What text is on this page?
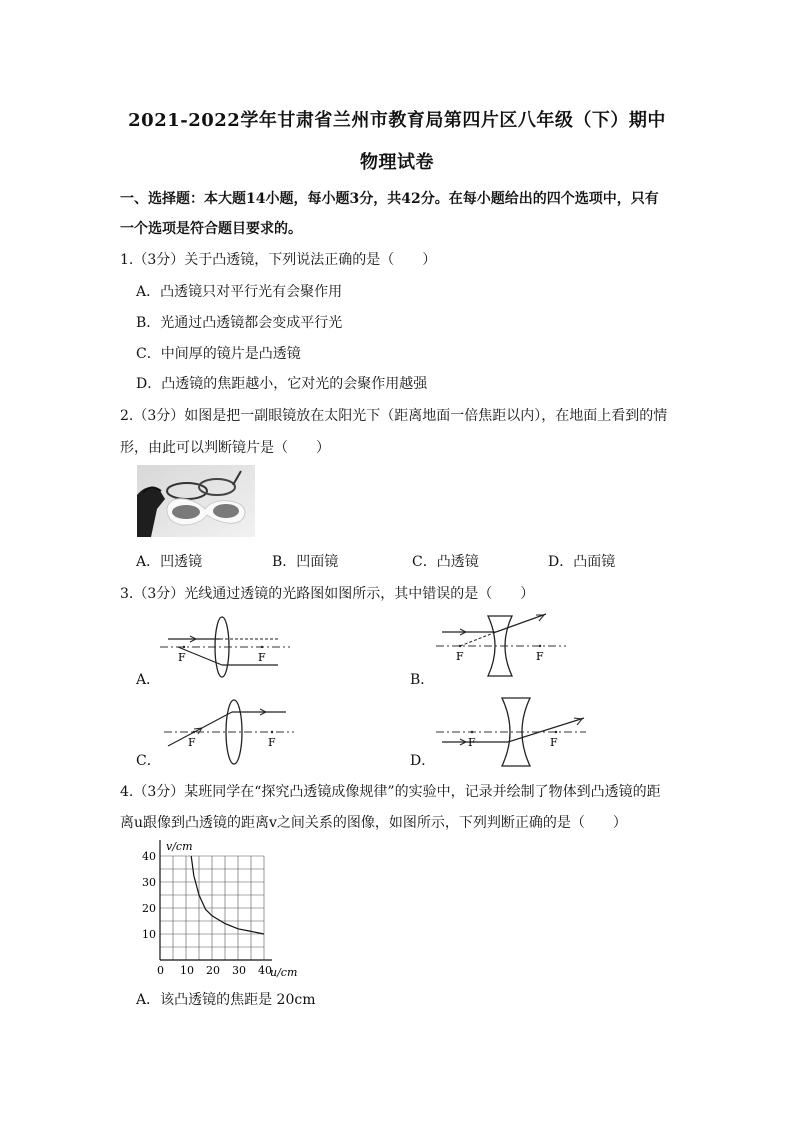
2021-2022学年甘肃省兰州市教育局第四片区八年级（下）期中
物理试卷
一、选择题：本大题14小题，每小题3分，共42分。在每小题给出的四个选项中，只有
一个选项是符合题目要求的。
1.（3分）关于凸透镜，下列说法正确的是（　　）
A．凸透镜只对平行光有会聚作用
B．光通过凸透镜都会变成平行光
C．中间厚的镜片是凸透镜
D．凸透镜的焦距越小，它对光的会聚作用越强
2.（3分）如图是把一副眼镜放在太阳光下（距离地面一倍焦距以内），在地面上看到的情
形，由此可以判断镜片是（　　）
A．凹透镜	B．凹面镜	C．凸透镜	D．凸面镜
3.（3分）光线通过透镜的光路图如图所示，其中错误的是（　　）
A．
F	F
B．
F	F
C．
F	F
D．
F	F
4.（3分）某班同学在“探究凸透镜成像规律”的实验中，记录并绘制了物体到凸透镜的距
离u跟像到凸透镜的距离v之间关系的图像，如图所示，下列判断正确的是（　　）
0 10 20 30 40
10
20
30
40
v/cm
u/cm
A．该凸透镜的焦距是 20cm
